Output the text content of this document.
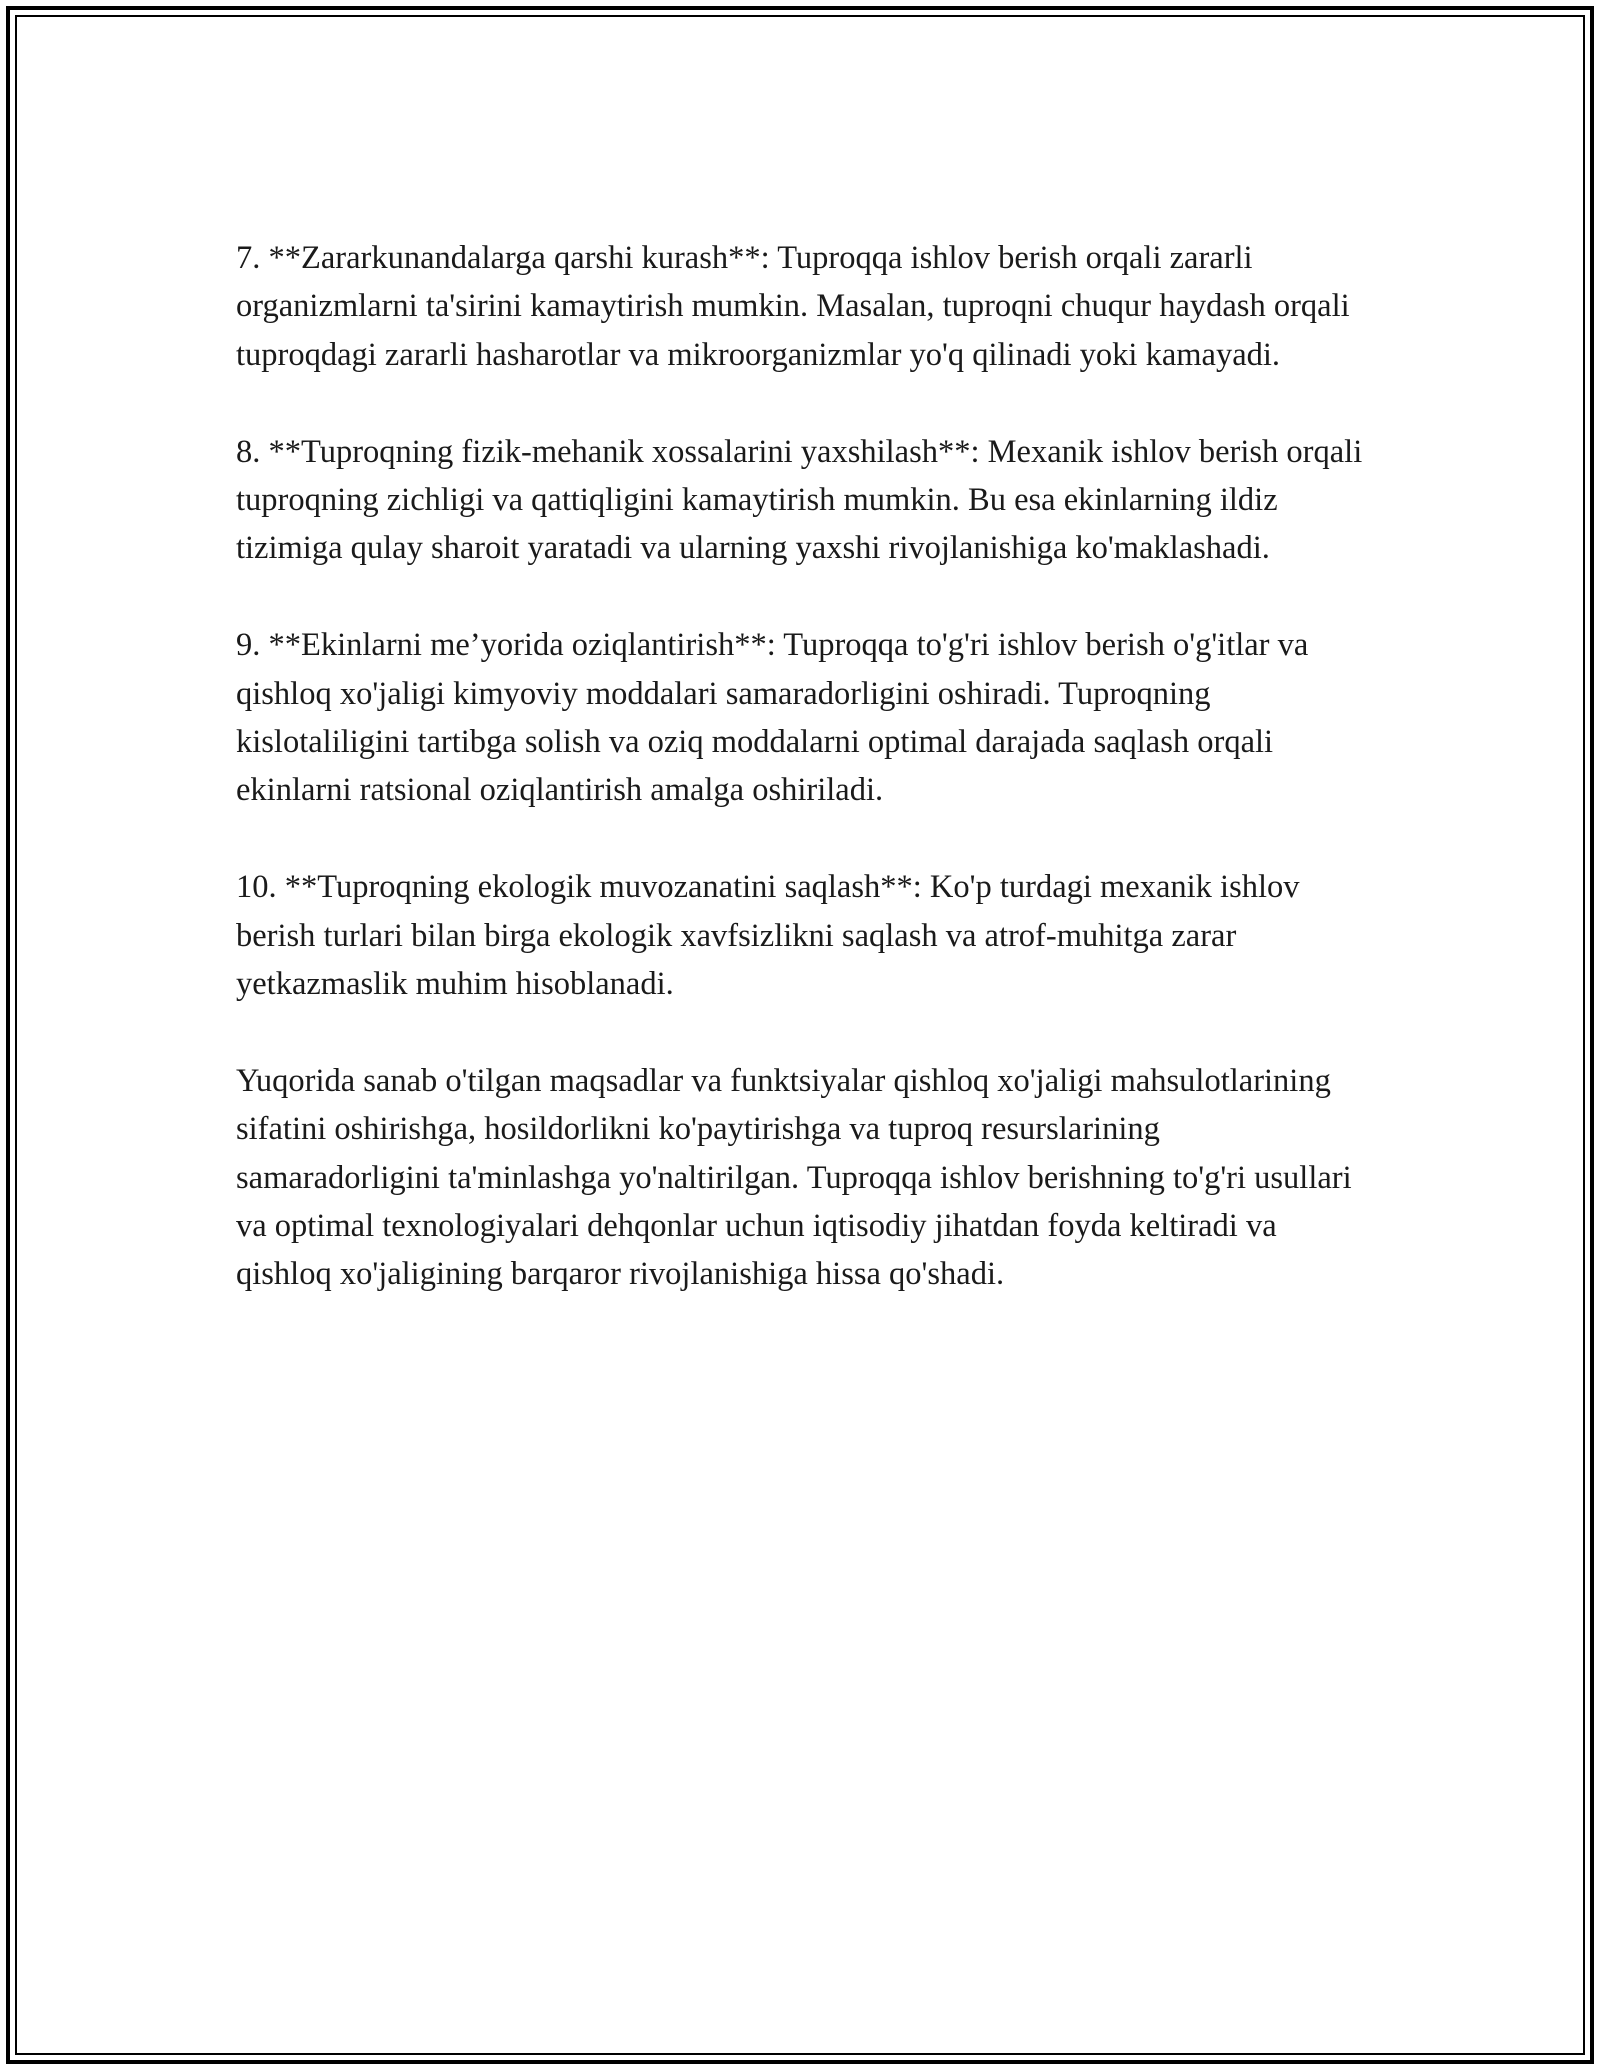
7. **Zararkunandalarga qarshi kurash**: Tuproqqa ishlov berish orqali zararli organizmlarni ta'sirini kamaytirish mumkin. Masalan, tuproqni chuqur haydash orqali tuproqdagi zararli hasharotlar va mikroorganizmlar yo'q qilinadi yoki kamayadi.

8. **Tuproqning fizik-mehanik xossalarini yaxshilash**: Mexanik ishlov berish orqali tuproqning zichligi va qattiqligini kamaytirish mumkin. Bu esa ekinlarning ildiz tizimiga qulay sharoit yaratadi va ularning yaxshi rivojlanishiga ko'maklashadi.

9. **Ekinlarni me’yorida oziqlantirish**: Tuproqqa to'g'ri ishlov berish o'g'itlar va qishloq xo'jaligi kimyoviy moddalari samaradorligini oshiradi. Tuproqning kislotaliligini tartibga solish va oziq moddalarni optimal darajada saqlash orqali ekinlarni ratsional oziqlantirish amalga oshiriladi.

10. **Tuproqning ekologik muvozanatini saqlash**: Ko'p turdagi mexanik ishlov berish turlari bilan birga ekologik xavfsizlikni saqlash va atrof-muhitga zarar yetkazmaslik muhim hisoblanadi.

Yuqorida sanab o'tilgan maqsadlar va funktsiyalar qishloq xo'jaligi mahsulotlarining sifatini oshirishga, hosildorlikni ko'paytirishga va tuproq resurslarining samaradorligini ta'minlashga yo'naltirilgan. Tuproqqa ishlov berishning to'g'ri usullari va optimal texnologiyalari dehqonlar uchun iqtisodiy jihatdan foyda keltiradi va qishloq xo'jaligining barqaror rivojlanishiga hissa qo'shadi.
